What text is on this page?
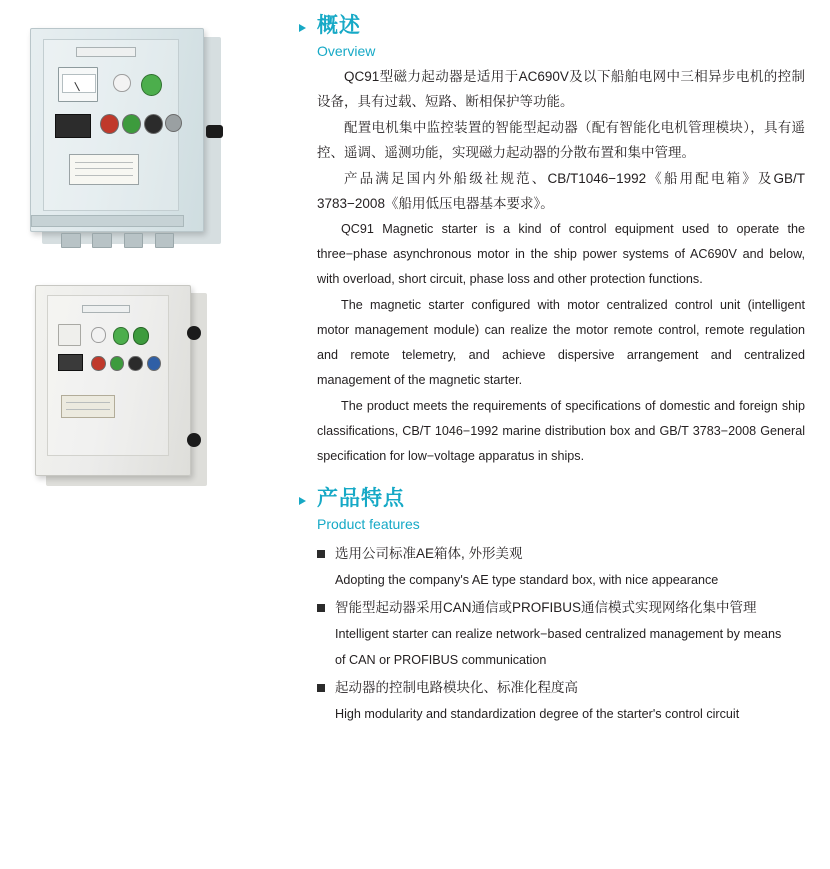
概述
Overview

QC91型磁力起动器是适用于AC690V及以下船舶电网中三相异步电机的控制设备，具有过载、短路、断相保护等功能。

配置电机集中监控装置的智能型起动器（配有智能化电机管理模块），具有遥控、遥调、遥测功能，实现磁力起动器的分散布置和集中管理。

产品满足国内外船级社规范、CB/T1046−1992《船用配电箱》及GB/T 3783−2008《船用低压电器基本要求》。

QC91 Magnetic starter is a kind of control equipment used to operate the three−phase asynchronous motor in the ship power systems of AC690V and below, with overload, short circuit, phase loss and other protection functions.

The magnetic starter configured with motor centralized control unit (intelligent motor management module) can realize the motor remote control, remote regulation and remote telemetry, and achieve dispersive arrangement and centralized management of the magnetic starter.

The product meets the requirements of specifications of domestic and foreign ship classifications, CB/T 1046−1992 marine distribution box and GB/T 3783−2008 General specification for low−voltage apparatus in ships.

产品特点
Product features
选用公司标准AE箱体, 外形美观
Adopting the company's AE type standard box, with nice appearance
智能型起动器采用CAN通信或PROFIBUS通信模式实现网络化集中管理
Intelligent starter can realize network−based centralized management by means of CAN or PROFIBUS communication
起动器的控制电路模块化、标准化程度高
High modularity and standardization degree of the starter's control circuit
